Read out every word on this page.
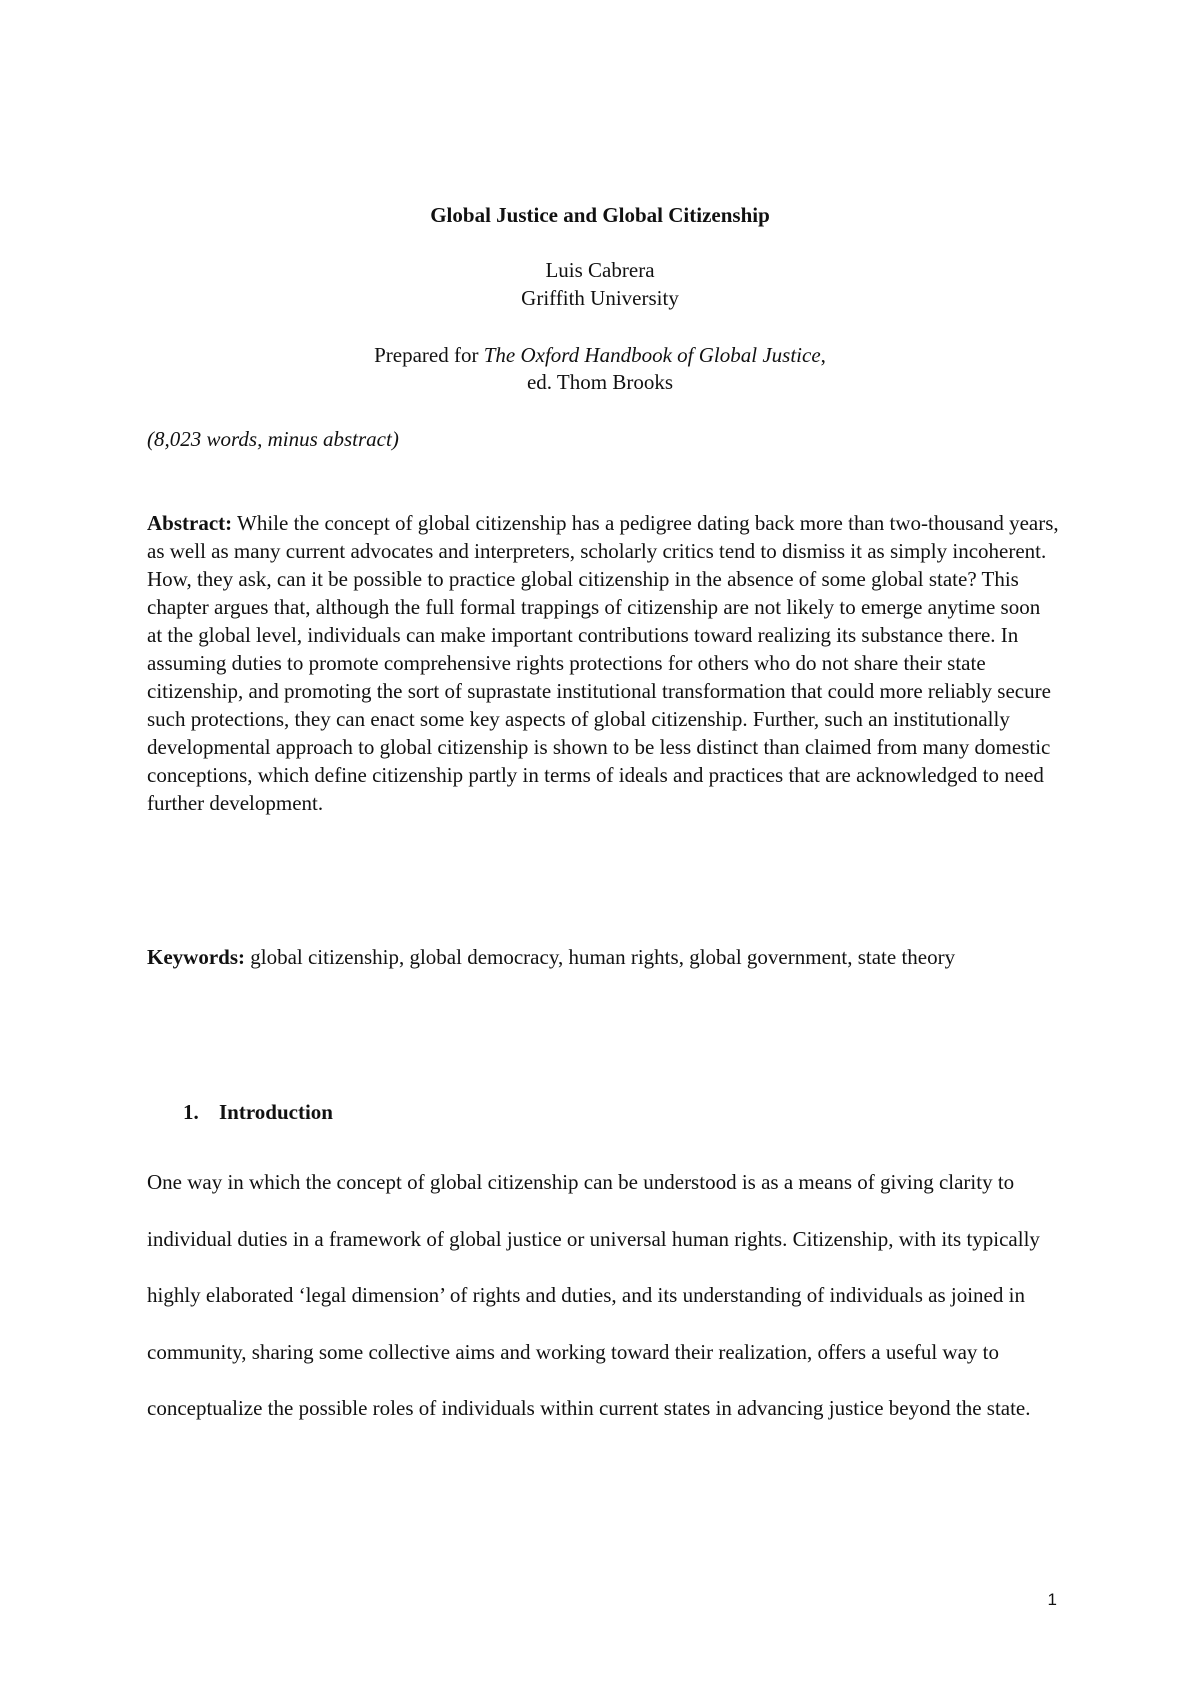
Global Justice and Global Citizenship
Luis Cabrera
Griffith University
Prepared for The Oxford Handbook of Global Justice,
ed. Thom Brooks
(8,023 words, minus abstract)
Abstract: While the concept of global citizenship has a pedigree dating back more than two-thousand years, as well as many current advocates and interpreters, scholarly critics tend to dismiss it as simply incoherent. How, they ask, can it be possible to practice global citizenship in the absence of some global state? This chapter argues that, although the full formal trappings of citizenship are not likely to emerge anytime soon at the global level, individuals can make important contributions toward realizing its substance there. In assuming duties to promote comprehensive rights protections for others who do not share their state citizenship, and promoting the sort of suprastate institutional transformation that could more reliably secure such protections, they can enact some key aspects of global citizenship. Further, such an institutionally developmental approach to global citizenship is shown to be less distinct than claimed from many domestic conceptions, which define citizenship partly in terms of ideals and practices that are acknowledged to need further development.
Keywords: global citizenship, global democracy, human rights, global government, state theory
1. Introduction
One way in which the concept of global citizenship can be understood is as a means of giving clarity to individual duties in a framework of global justice or universal human rights. Citizenship, with its typically highly elaborated ‘legal dimension’ of rights and duties, and its understanding of individuals as joined in community, sharing some collective aims and working toward their realization, offers a useful way to conceptualize the possible roles of individuals within current states in advancing justice beyond the state.
1
